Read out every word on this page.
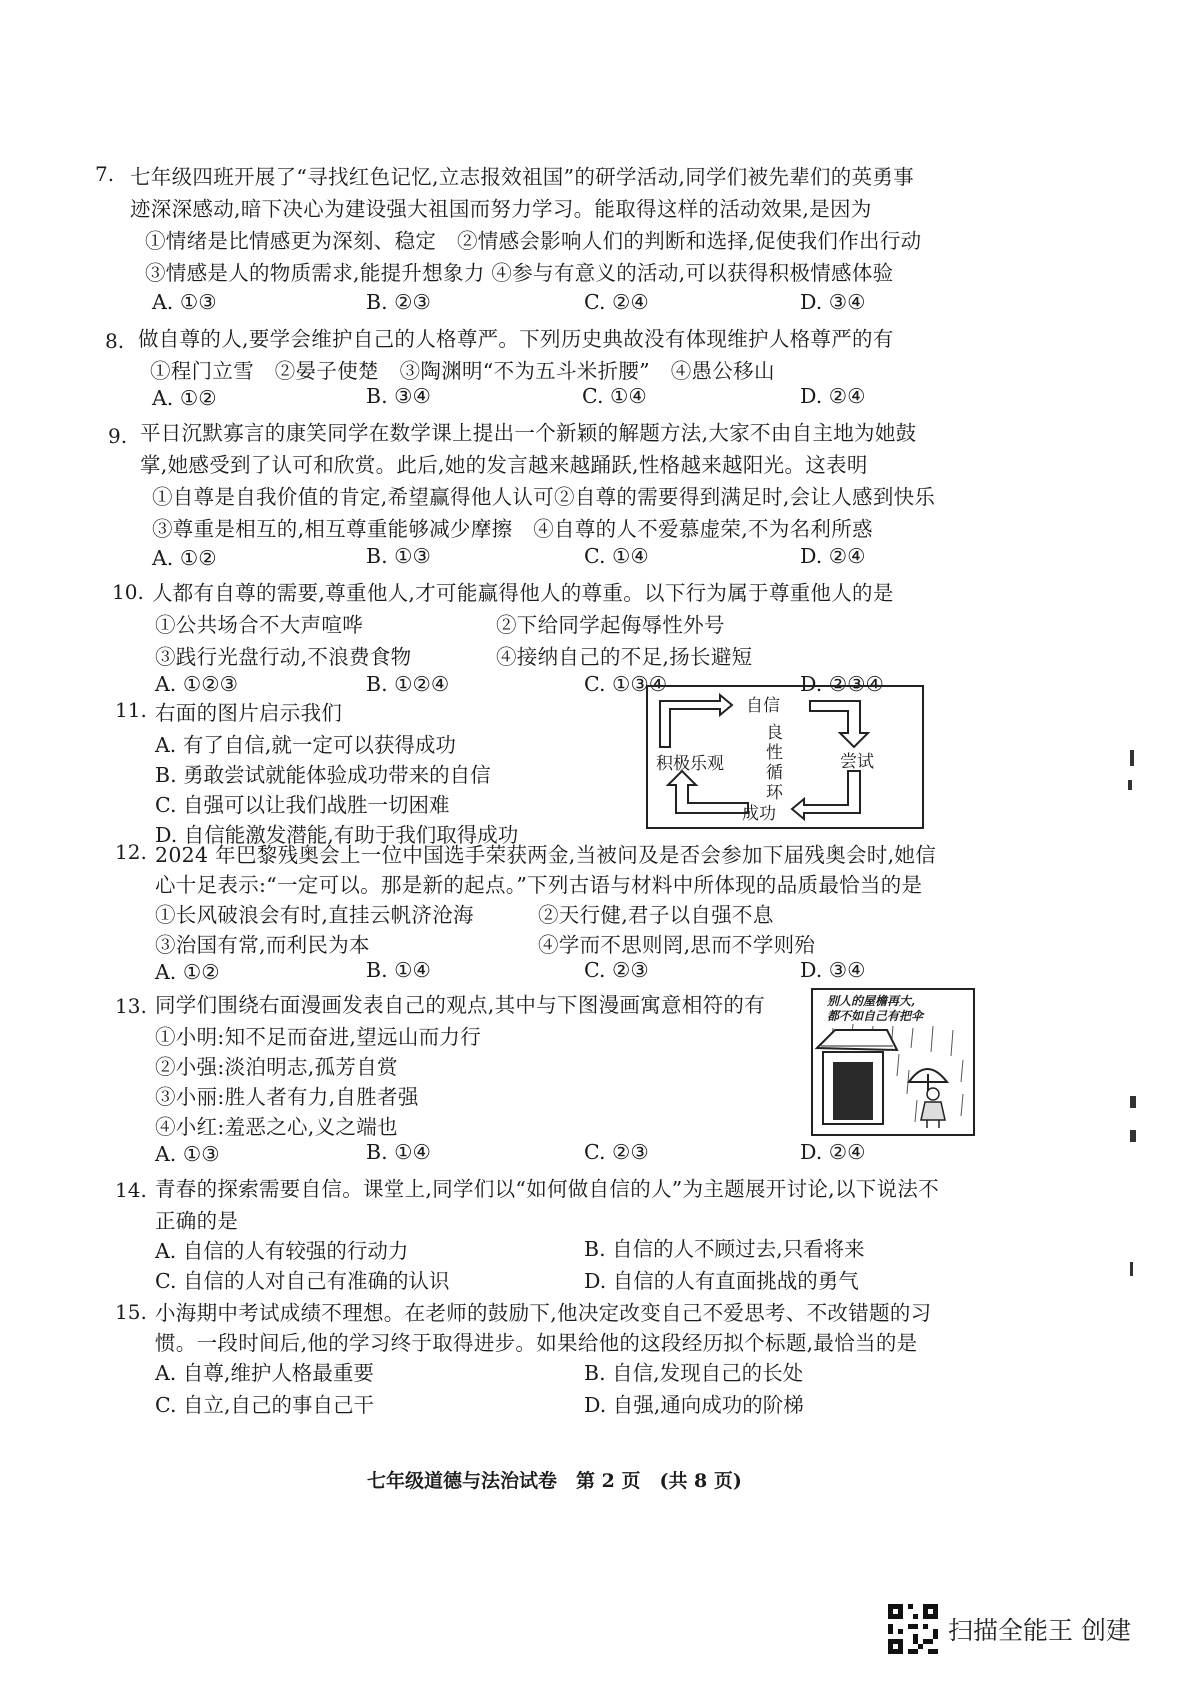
7. 七年级四班开展了“寻找红色记忆,立志报效祖国”的研学活动,同学们被先辈们的英勇事
迹深深感动,暗下决心为建设强大祖国而努力学习。能取得这样的活动效果,是因为
①情绪是比情感更为深刻、稳定　②情感会影响人们的判断和选择,促使我们作出行动
③情感是人的物质需求,能提升想象力 ④参与有意义的活动,可以获得积极情感体验
A. ①③	B. ②③	C. ②④	D. ③④
8. 做自尊的人,要学会维护自己的人格尊严。下列历史典故没有体现维护人格尊严的有
①程门立雪　②晏子使楚　③陶渊明“不为五斗米折腰”　④愚公移山
A. ①②	B. ③④	C. ①④	D. ②④
9. 平日沉默寡言的康笑同学在数学课上提出一个新颖的解题方法,大家不由自主地为她鼓
掌,她感受到了认可和欣赏。此后,她的发言越来越踊跃,性格越来越阳光。这表明
①自尊是自我价值的肯定,希望赢得他人认可②自尊的需要得到满足时,会让人感到快乐
③尊重是相互的,相互尊重能够减少摩擦　④自尊的人不爱慕虚荣,不为名利所惑
A. ①②	B. ①③	C. ①④	D. ②④
10. 人都有自尊的需要,尊重他人,才可能赢得他人的尊重。以下行为属于尊重他人的是
①公共场合不大声喧哗	②下给同学起侮辱性外号
③践行光盘行动,不浪费食物	④接纳自己的不足,扬长避短
A. ①②③	B. ①②④	C. ①③④	D. ②③④
11. 右面的图片启示我们
A. 有了自信,就一定可以获得成功
B. 勇敢尝试就能体验成功带来的自信
C. 自强可以让我们战胜一切困难
D. 自信能激发潜能,有助于我们取得成功
自信
尝试
成功
积极乐观
良
性
循
环
12. 2024 年巴黎残奥会上一位中国选手荣获两金,当被问及是否会参加下届残奥会时,她信
心十足表示:“一定可以。那是新的起点。”下列古语与材料中所体现的品质最恰当的是
①长风破浪会有时,直挂云帆济沧海	②天行健,君子以自强不息
③治国有常,而利民为本	④学而不思则罔,思而不学则殆
A. ①②	B. ①④	C. ②③	D. ③④
13. 同学们围绕右面漫画发表自己的观点,其中与下图漫画寓意相符的有
①小明:知不足而奋进,望远山而力行
②小强:淡泊明志,孤芳自赏
③小丽:胜人者有力,自胜者强
④小红:羞恶之心,义之端也
A. ①③	B. ①④	C. ②③	D. ②④
别人的屋檐再大,
都不如自己有把伞
14. 青春的探索需要自信。课堂上,同学们以“如何做自信的人”为主题展开讨论,以下说法不
正确的是
A. 自信的人有较强的行动力	B. 自信的人不顾过去,只看将来
C. 自信的人对自己有准确的认识	D. 自信的人有直面挑战的勇气
15. 小海期中考试成绩不理想。在老师的鼓励下,他决定改变自己不爱思考、不改错题的习
惯。一段时间后,他的学习终于取得进步。如果给他的这段经历拟个标题,最恰当的是
A. 自尊,维护人格最重要	B. 自信,发现自己的长处
C. 自立,自己的事自己干	D. 自强,通向成功的阶梯
七年级道德与法治试卷　第 2 页　(共 8 页)
扫描全能王 创建
